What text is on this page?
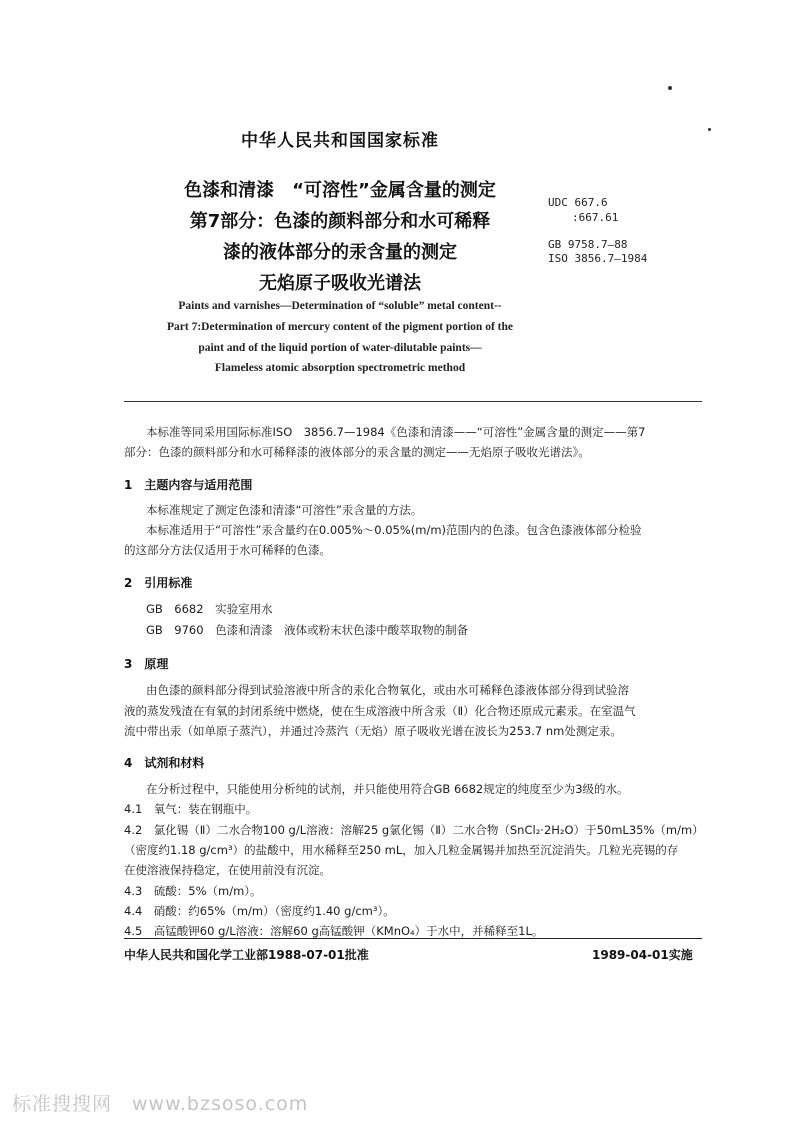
中华人民共和国国家标准
色漆和清漆　“可溶性”金属含量的测定
第7部分：色漆的颜料部分和水可稀释
漆的液体部分的汞含量的测定
无焰原子吸收光谱法
UDC 667.6
:667.61
GB 9758.7—88
ISO 3856.7—1984
Paints and varnishes—Determination of “soluble” metal content--
Part 7:Determination of mercury content of the pigment portion of the
paint and of the liquid portion of water-dilutable paints—
Flameless atomic absorption spectrometric method
本标准等同采用国际标准ISO　3856.7—1984《色漆和清漆——“可溶性”金属含量的测定——第7
部分：色漆的颜料部分和水可稀释漆的液体部分的汞含量的测定——无焰原子吸收光谱法》。
1　主题内容与适用范围
本标准规定了测定色漆和清漆“可溶性”汞含量的方法。
本标准适用于“可溶性”汞含量约在0.005%～0.05%(m/m)范围内的色漆。包含色漆液体部分检验
的这部分方法仅适用于水可稀释的色漆。
2　引用标准
GB　6682　实验室用水
GB　9760　色漆和清漆　液体或粉末状色漆中酸萃取物的制备
3　原理
由色漆的颜料部分得到试验溶液中所含的汞化合物氧化，或由水可稀释色漆液体部分得到试验溶
液的蒸发残渣在有氧的封闭系统中燃烧，使在生成溶液中所含汞（Ⅱ）化合物还原成元素汞。在室温气
流中带出汞（如单原子蒸汽），并通过冷蒸汽（无焰）原子吸收光谱在波长为253.7 nm处测定汞。
4　试剂和材料
在分析过程中，只能使用分析纯的试剂，并只能使用符合GB 6682规定的纯度至少为3级的水。
4.1　氧气：装在钢瓶中。
4.2　氯化锡（Ⅱ）二水合物100 g/L溶液：溶解25 g氯化锡（Ⅱ）二水合物（SnCl₂·2H₂O）于50mL35%（m/m）
（密度约1.18 g/cm³）的盐酸中，用水稀释至250 mL，加入几粒金属锡并加热至沉淀消失。几粒光亮锡的存
在使溶液保持稳定，在使用前没有沉淀。
4.3　硫酸：5%（m/m）。
4.4　硝酸：约65%（m/m）（密度约1.40 g/cm³）。
4.5　高锰酸钾60 g/L溶液：溶解60 g高锰酸钾（KMnO₄）于水中，并稀释至1L。
中华人民共和国化学工业部1988-07-01批准	1989-04-01实施
标准搜搜网　www.bzsoso.com
